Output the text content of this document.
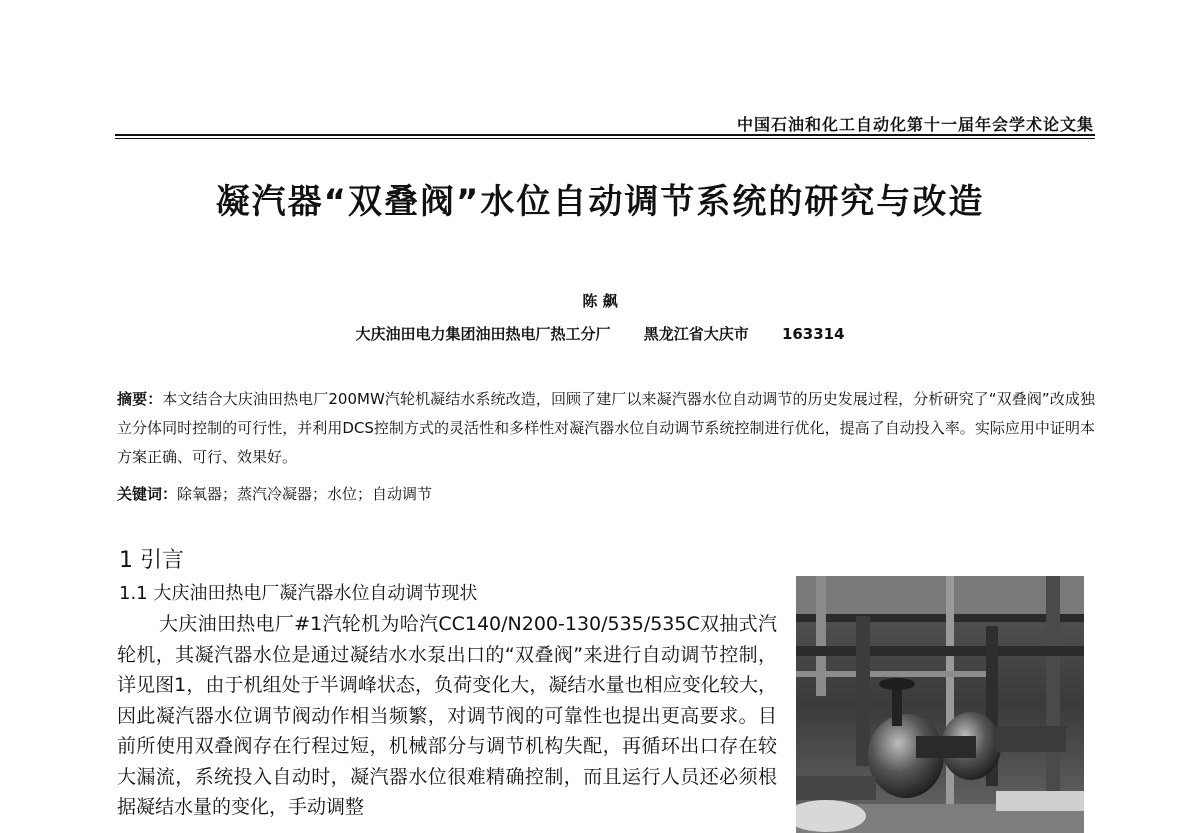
中国石油和化工自动化第十一届年会学术论文集
凝汽器“双叠阀”水位自动调节系统的研究与改造
陈 飙
大庆油田电力集团油田热电厂热工分厂 黑龙江省大庆市 163314
摘要：本文结合大庆油田热电厂200MW汽轮机凝结水系统改造，回顾了建厂以来凝汽器水位自动调节的历史发展过程，分析研究了“双叠阀”改成独立分体同时控制的可行性，并利用DCS控制方式的灵活性和多样性对凝汽器水位自动调节系统控制进行优化，提高了自动投入率。实际应用中证明本方案正确、可行、效果好。
关键词：除氧器；蒸汽冷凝器；水位；自动调节
1 引言
1.1 大庆油田热电厂凝汽器水位自动调节现状

大庆油田热电厂#1汽轮机为哈汽CC140/N200-130/535/535C双抽式汽轮机，其凝汽器水位是通过凝结水水泵出口的“双叠阀”来进行自动调节控制，详见图1，由于机组处于半调峰状态，负荷变化大，凝结水量也相应变化较大，因此凝汽器水位调节阀动作相当频繁，对调节阀的可靠性也提出更高要求。目前所使用双叠阀存在行程过短，机械部分与调节机构失配，再循环出口存在较大漏流，系统投入自动时，凝汽器水位很难精确控制，而且运行人员还必须根据凝结水量的变化，手动调整
